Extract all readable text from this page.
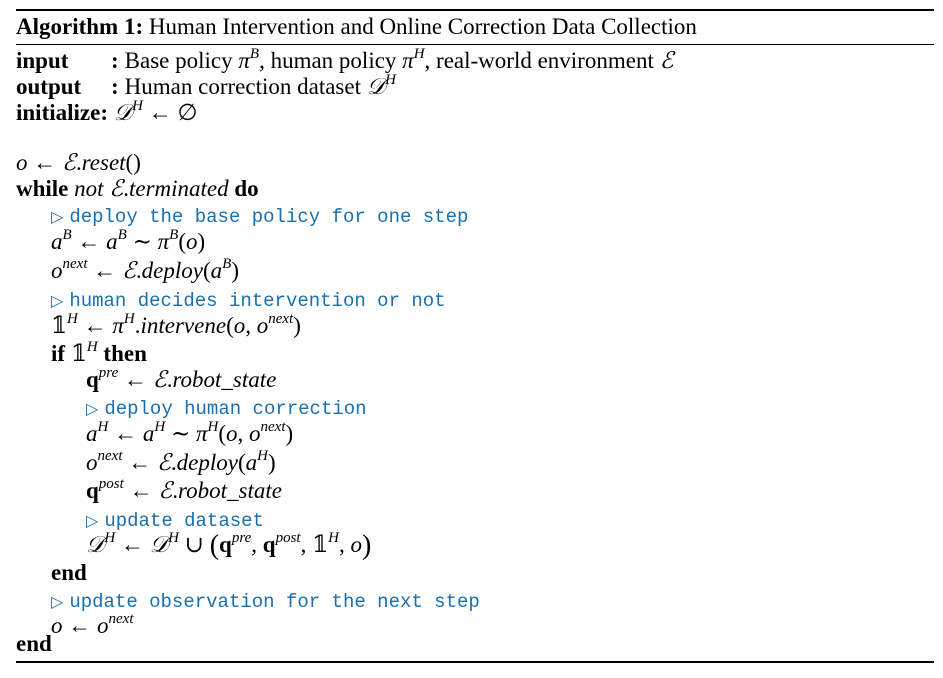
Algorithm 1: Human Intervention and Online Correction Data Collection
input : Base policy $\pi^B$, human policy $\pi^H$, real-world environment ℰ
output : Human correction dataset 𝒟$^H$
initialize: 𝒟$^H$ ← ∅
o ← ℰ.reset()
while not ℰ.terminated do
▷ deploy the base policy for one step
$a^B$ ← $a^B$ ∼ $\pi^B(o)$
$o^{next}$ ← $ℰ.deploy(a^B)$
▷ human decides intervention or not
$𝟙^H$ ← $\pi^H.intervene(o$, $o^{next}$)
if $𝟙^H$ then
$q^{pre}$ ← ℰ.robot_state
▷ deploy human correction
$a^H$ ← $a^H$ ∼ $\pi^H(o$, $o^{next}$)
$o^{next}$ ← $ℰ.deploy(a^H)$
$q^{post}$ ← ℰ.robot_state
▷ update dataset
𝒟$^H$ ← 𝒟$^H$ ∪ ($q^{pre}$, $q^{post}$, $𝟙^H$, o)
end
▷ update observation for the next step
o ← $o^{next}$
end
